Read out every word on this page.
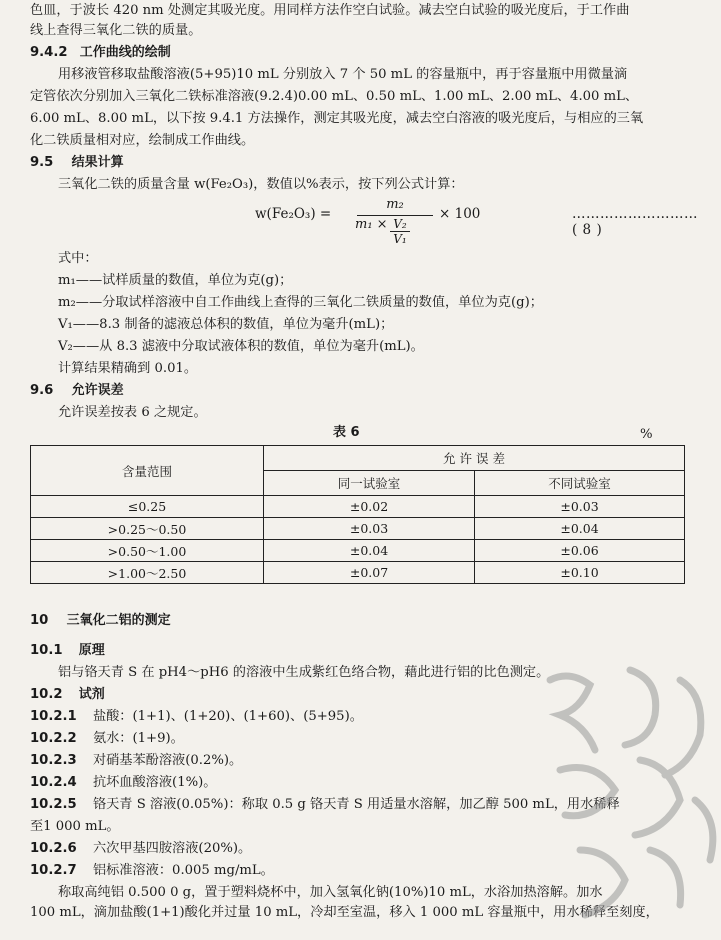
色皿，于波长 420 nm 处测定其吸光度。用同样方法作空白试验。减去空白试验的吸光度后，于工作曲
线上查得三氧化二铁的质量。
9.4.2 工作曲线的绘制
用移液管移取盐酸溶液(5+95)10 mL 分别放入 7 个 50 mL 的容量瓶中，再于容量瓶中用微量滴
定管依次分别加入三氧化二铁标准溶液(9.2.4)0.00 mL、0.50 mL、1.00 mL、2.00 mL、4.00 mL、
6.00 mL、8.00 mL，以下按 9.4.1 方法操作，测定其吸光度，减去空白溶液的吸光度后，与相应的三氧
化二铁质量相对应，绘制成工作曲线。
9.5 结果计算
三氧化二铁的质量含量 w(Fe₂O₃)，数值以%表示，按下列公式计算：
w(Fe₂O₃) =
m₂
m₁ × V₂
V₁
× 100	………………………( 8 )
式中：
m₁——试样质量的数值，单位为克(g)；
m₂——分取试样溶液中自工作曲线上查得的三氧化二铁质量的数值，单位为克(g)；
V₁——8.3 制备的滤液总体积的数值，单位为毫升(mL)；
V₂——从 8.3 滤液中分取试液体积的数值，单位为毫升(mL)。
计算结果精确到 0.01。
9.6 允许误差
允许误差按表 6 之规定。
表 6	%
含量范围	允 许 误 差	
	同一试验室	不同试验室
≤0.25	±0.02	±0.03
>0.25～0.50	±0.03	±0.04
>0.50～1.00	±0.04	±0.06
>1.00～2.50	±0.07	±0.10
10 三氧化二铝的测定
10.1 原理
铝与铬天青 S 在 pH4～pH6 的溶液中生成紫红色络合物，藉此进行铝的比色测定。
10.2 试剂
10.2.1 盐酸：(1+1)、(1+20)、(1+60)、(5+95)。
10.2.2 氨水：(1+9)。
10.2.3 对硝基苯酚溶液(0.2%)。
10.2.4 抗坏血酸溶液(1%)。
10.2.5 铬天青 S 溶液(0.05%)：称取 0.5 g 铬天青 S 用适量水溶解，加乙醇 500 mL，用水稀释
至1 000 mL。
10.2.6 六次甲基四胺溶液(20%)。
10.2.7 铝标准溶液：0.005 mg/mL。
称取高纯铝 0.500 0 g，置于塑料烧杯中，加入氢氧化钠(10%)10 mL，水浴加热溶解。加水
100 mL，滴加盐酸(1+1)酸化并过量 10 mL，冷却至室温，移入 1 000 mL 容量瓶中，用水稀释至刻度，
